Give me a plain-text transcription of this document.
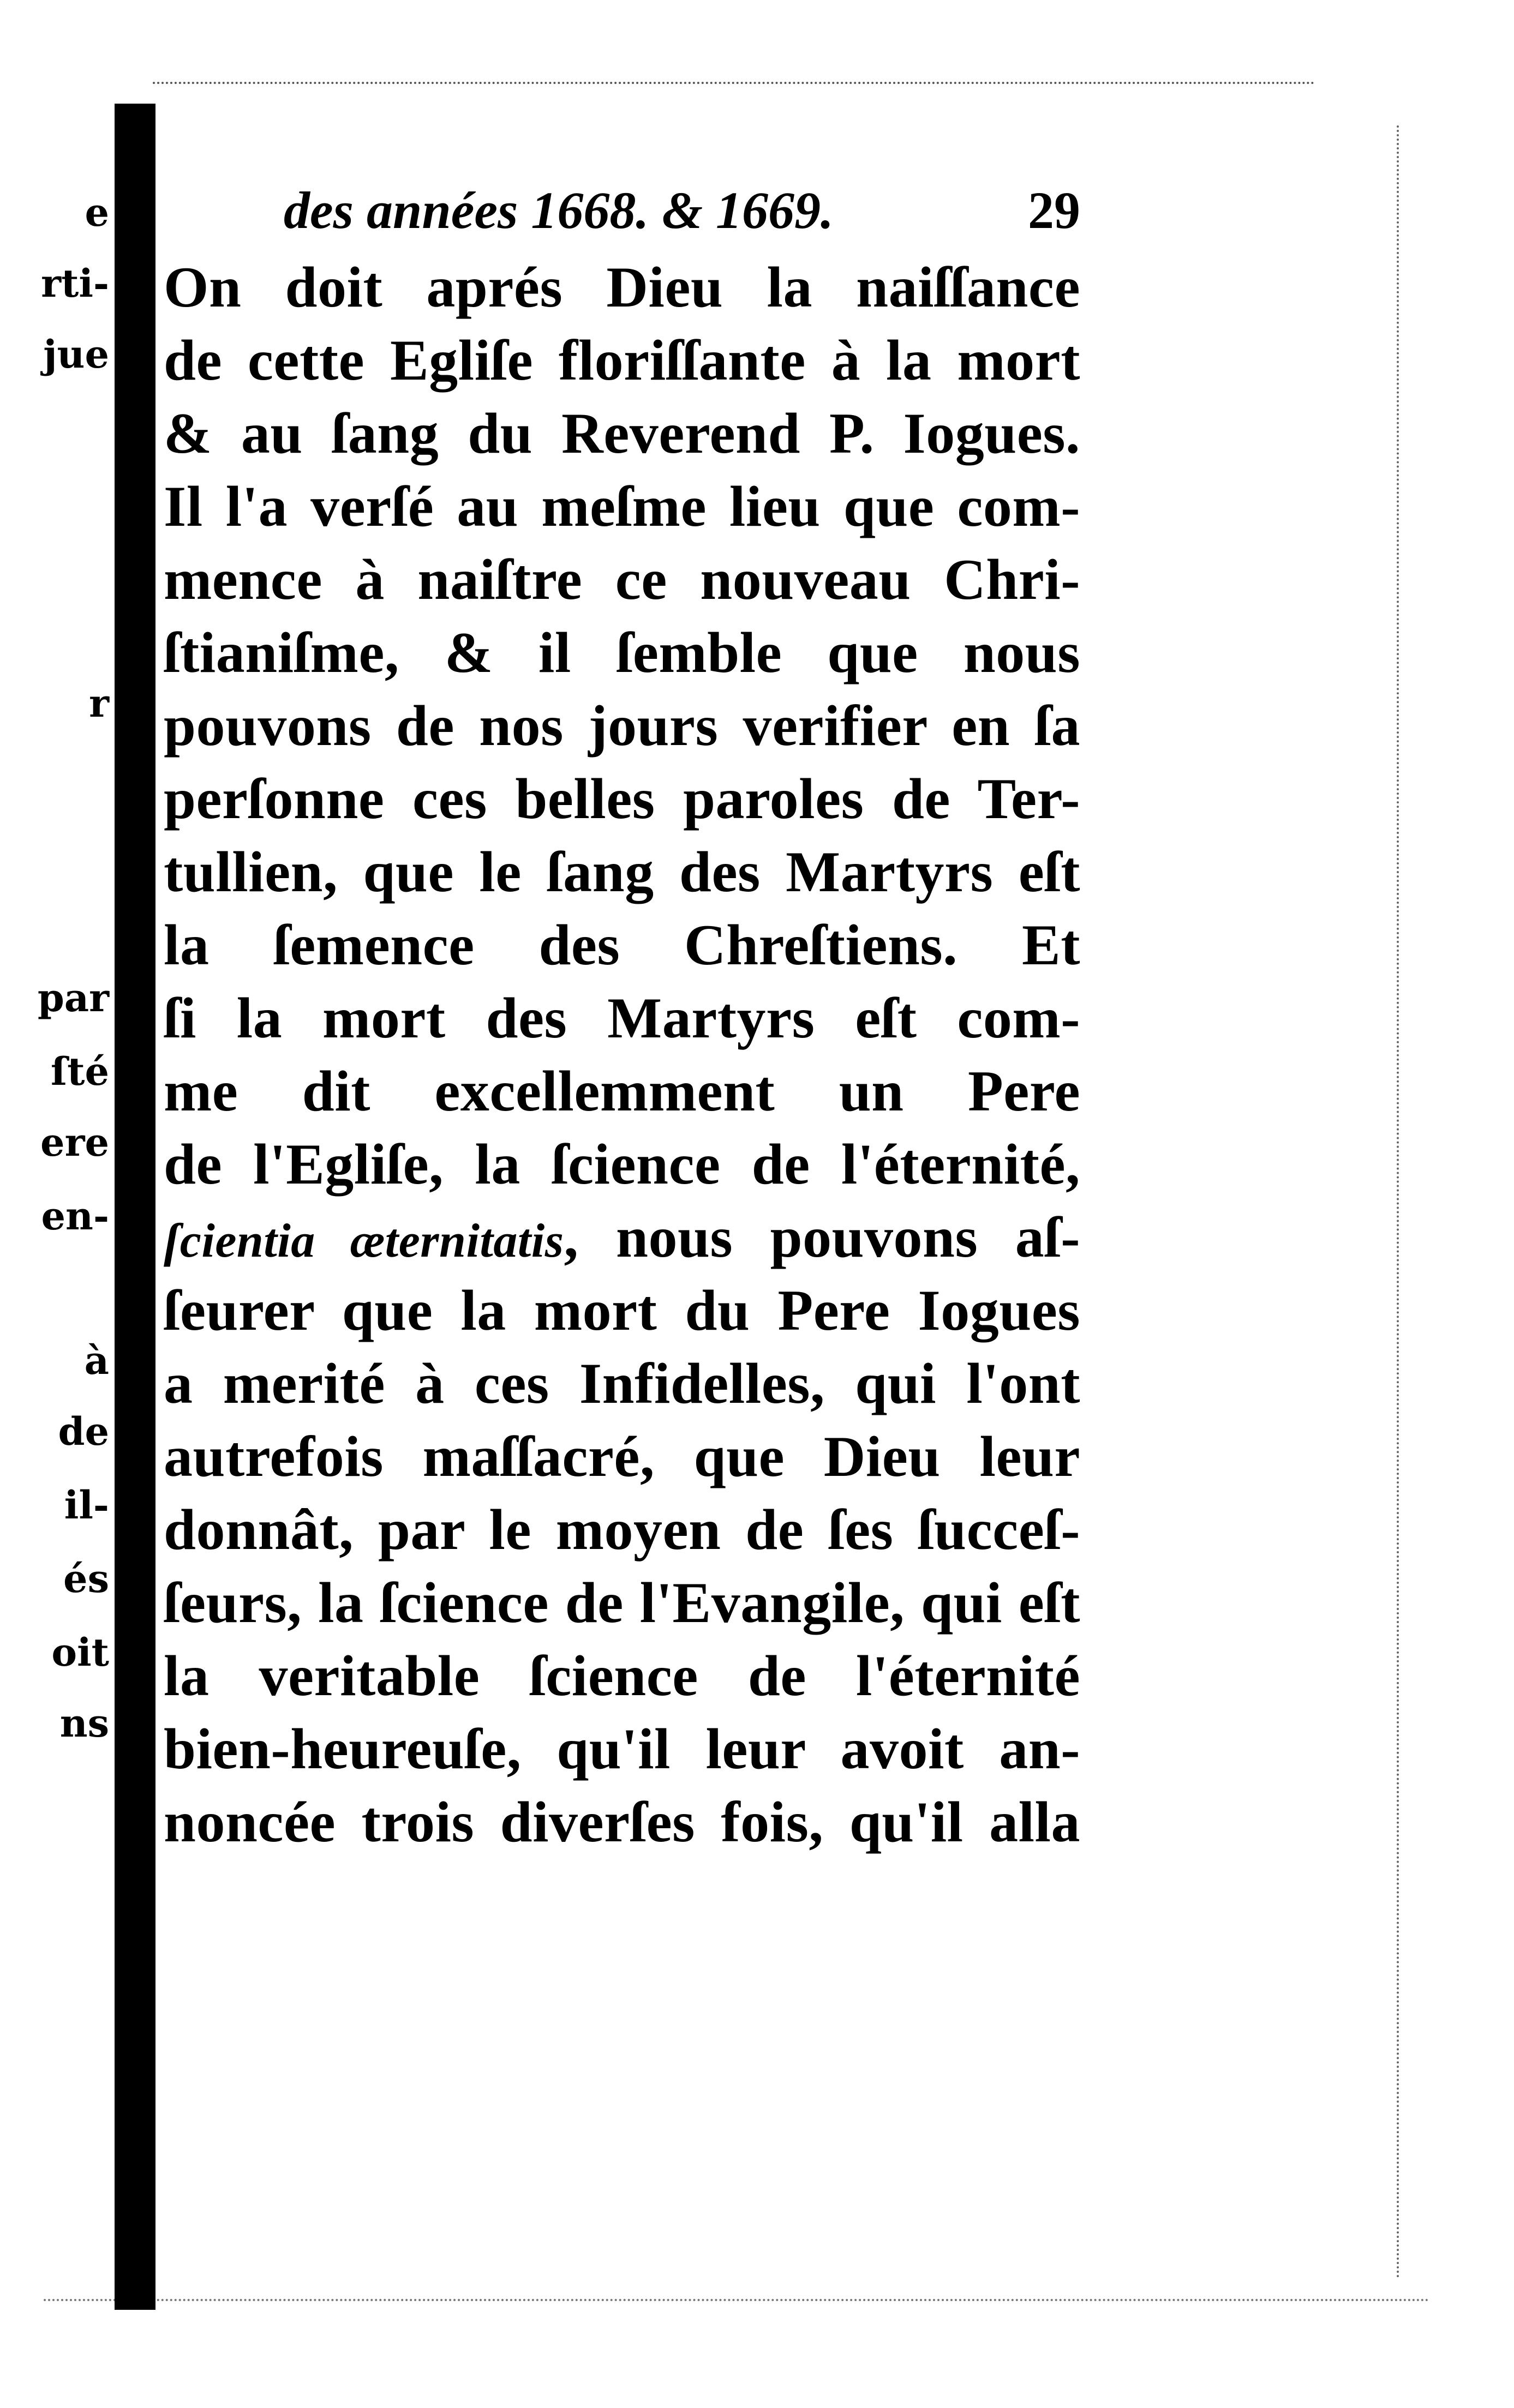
e
rti-
jue
r
par
ſté
ere
en-
à
de
il-
és
oit
ns
des années 1668. & 1669.	29
On doit aprés Dieu la naiſſance
de cette Egliſe floriſſante à la mort
& au ſang du Reverend P. Iogues.
Il l'a verſé au meſme lieu que com-
mence à naiſtre ce nouveau Chri-
ſtianiſme, & il ſemble que nous
pouvons de nos jours verifier en ſa
perſonne ces belles paroles de Ter-
tullien, que le ſang des Martyrs eſt
la ſemence des Chreſtiens. Et
ſi la mort des Martyrs eſt com-
me dit excellemment un Pere
de l'Egliſe, la ſcience de l'éternité,
ſcientia æternitatis, nous pouvons aſ-
ſeurer que la mort du Pere Iogues
a merité à ces Infidelles, qui l'ont
autrefois maſſacré, que Dieu leur
donnât, par le moyen de ſes ſucceſ-
ſeurs, la ſcience de l'Evangile, qui eſt
la veritable ſcience de l'éternité
bien-heureuſe, qu'il leur avoit an-
noncée trois diverſes fois, qu'il alla
